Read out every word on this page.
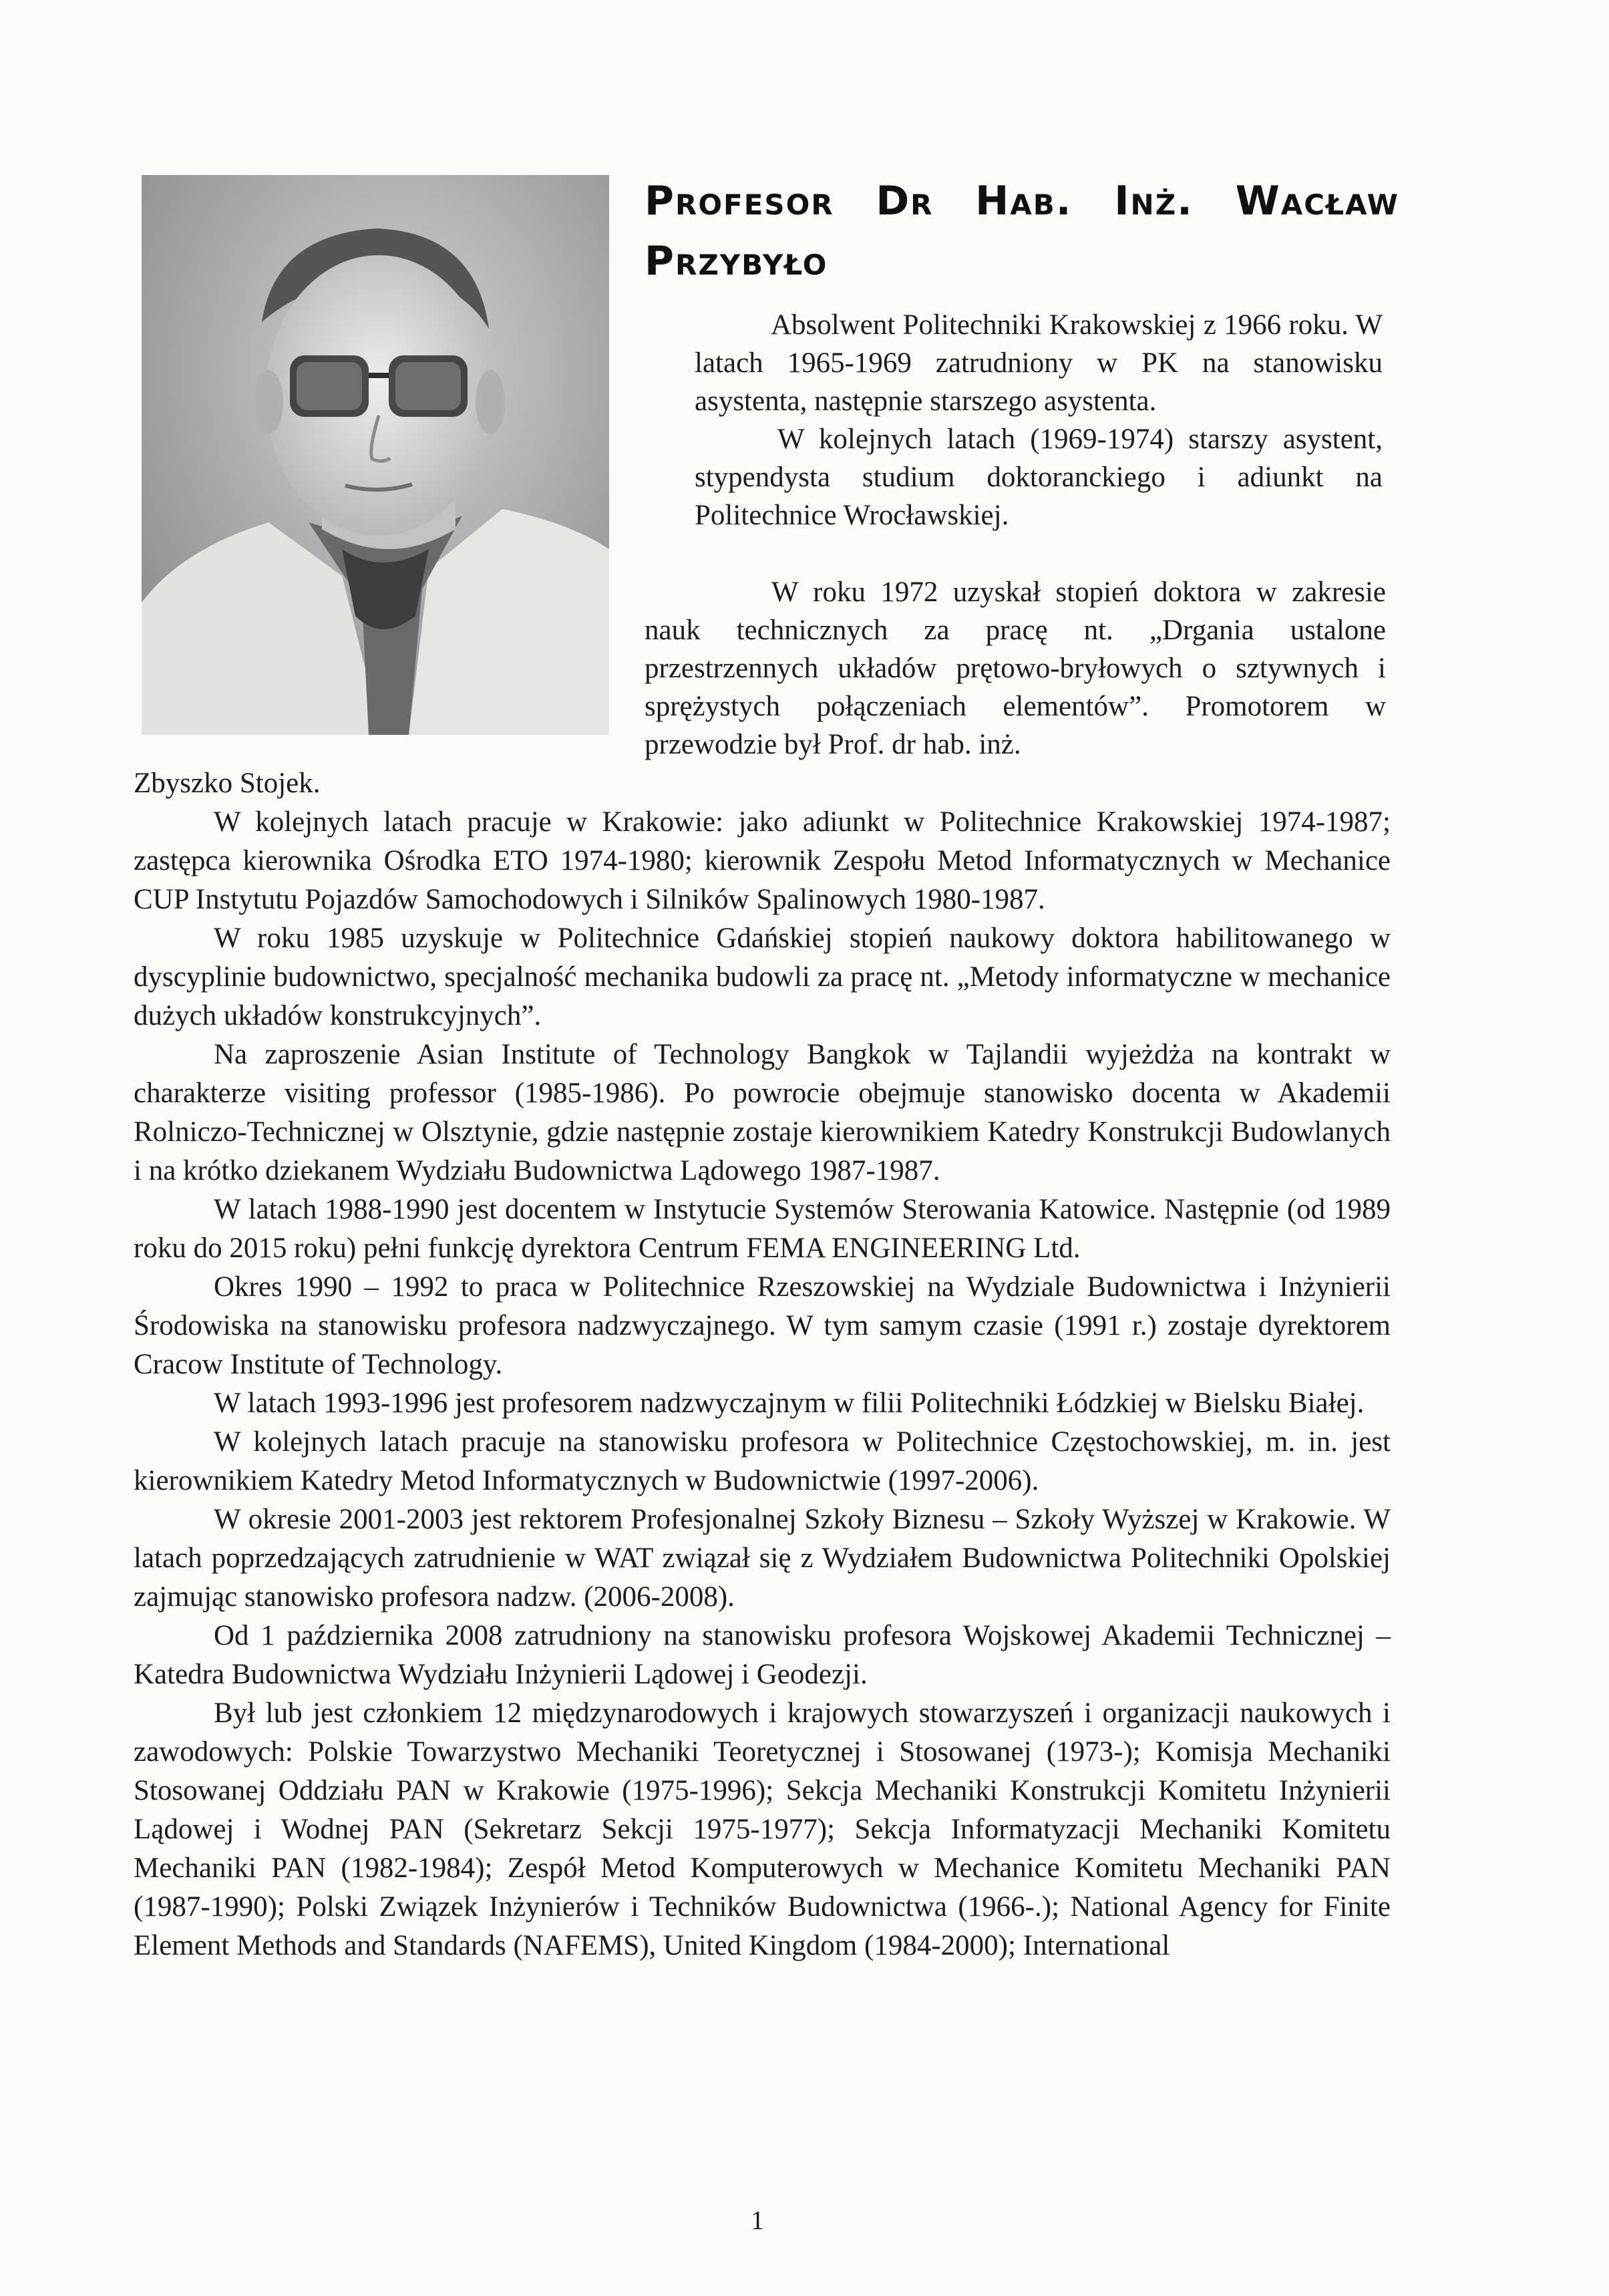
Profesor Dr Hab. Inż. Wacław
Przybyło

Absolwent Politechniki Krakowskiej z 1966 roku. W latach 1965-1969 zatrudniony w PK na stanowisku asystenta, następnie starszego asystenta.

W kolejnych latach (1969-1974) starszy asystent, stypendysta studium doktoranckiego i adiunkt na Politechnice Wrocławskiej.

W roku 1972 uzyskał stopień doktora w zakresie nauk technicznych za pracę nt. „Drgania ustalone przestrzennych układów prętowo-bryłowych o sztywnych i sprężystych połączeniach elementów”. Promotorem w przewodzie był Prof. dr hab. inż.

Zbyszko Stojek.

W kolejnych latach pracuje w Krakowie: jako adiunkt w Politechnice Krakowskiej 1974-1987; zastępca kierownika Ośrodka ETO 1974-1980; kierownik Zespołu Metod Informatycznych w Mechanice CUP Instytutu Pojazdów Samochodowych i Silników Spalinowych 1980-1987.

W roku 1985 uzyskuje w Politechnice Gdańskiej stopień naukowy doktora habilitowanego w dyscyplinie budownictwo, specjalność mechanika budowli za pracę nt. „Metody informatyczne w mechanice dużych układów konstrukcyjnych”.

Na zaproszenie Asian Institute of Technology Bangkok w Tajlandii wyjeżdża na kontrakt w charakterze visiting professor (1985-1986). Po powrocie obejmuje stanowisko docenta w Akademii Rolniczo-Technicznej w Olsztynie, gdzie następnie zostaje kierownikiem Katedry Konstrukcji Budowlanych i na krótko dziekanem Wydziału Budownictwa Lądowego 1987-1987.

W latach 1988-1990 jest docentem w Instytucie Systemów Sterowania Katowice. Następnie (od 1989 roku do 2015 roku) pełni funkcję dyrektora Centrum FEMA ENGINEERING Ltd.

Okres 1990 – 1992 to praca w Politechnice Rzeszowskiej na Wydziale Budownictwa i Inżynierii Środowiska na stanowisku profesora nadzwyczajnego. W tym samym czasie (1991 r.) zostaje dyrektorem Cracow Institute of Technology.

W latach 1993-1996 jest profesorem nadzwyczajnym w filii Politechniki Łódzkiej w Bielsku Białej.

W kolejnych latach pracuje na stanowisku profesora w Politechnice Częstochowskiej, m. in. jest kierownikiem Katedry Metod Informatycznych w Budownictwie (1997-2006).

W okresie 2001-2003 jest rektorem Profesjonalnej Szkoły Biznesu – Szkoły Wyższej w Krakowie. W latach poprzedzających zatrudnienie w WAT związał się z Wydziałem Budownictwa Politechniki Opolskiej zajmując stanowisko profesora nadzw. (2006-2008).

Od 1 października 2008 zatrudniony na stanowisku profesora Wojskowej Akademii Technicznej – Katedra Budownictwa Wydziału Inżynierii Lądowej i Geodezji.

Był lub jest członkiem 12 międzynarodowych i krajowych stowarzyszeń i organizacji naukowych i zawodowych: Polskie Towarzystwo Mechaniki Teoretycznej i Stosowanej (1973-); Komisja Mechaniki Stosowanej Oddziału PAN w Krakowie (1975-1996); Sekcja Mechaniki Konstrukcji Komitetu Inżynierii Lądowej i Wodnej PAN (Sekretarz Sekcji 1975-1977); Sekcja Informatyzacji Mechaniki Komitetu Mechaniki PAN (1982-1984); Zespół Metod Komputerowych w Mechanice Komitetu Mechaniki PAN (1987-1990); Polski Związek Inżynierów i Techników Budownictwa (1966-.); National Agency for Finite Element Methods and Standards (NAFEMS), United Kingdom (1984-2000); International

1
